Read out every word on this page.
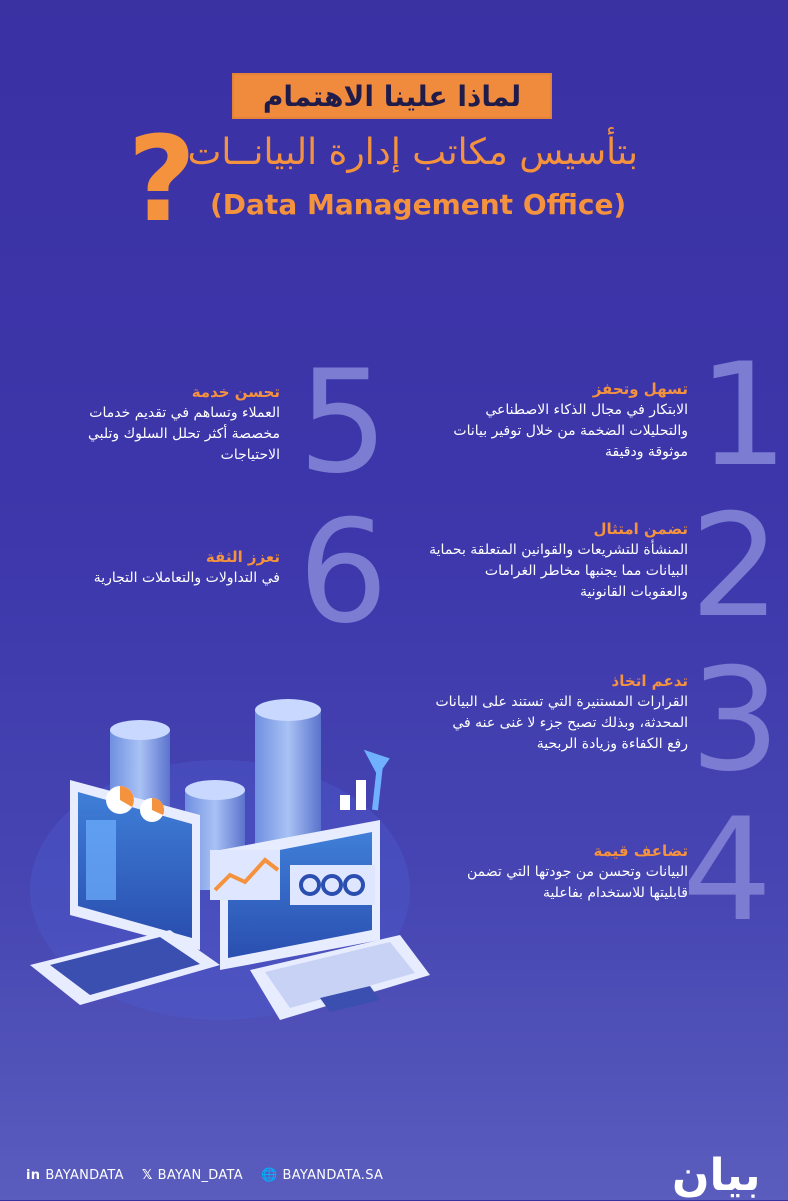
لماذا علينا الاهتمام
؟
بتأسيس مكاتب إدارة البيانــات
(Data Management Office)
1
تسهل وتحفز
الابتكار في مجال الذكاء الاصطناعي والتحليلات الضخمة من خلال توفير بيانات موثوقة ودقيقة
2
تضمن امتثال
المنشأة للتشريعات والقوانين المتعلقة بحماية البيانات مما يجنبها مخاطر الغرامات والعقوبات القانونية
3
تدعم اتخاذ
القرارات المستنيرة التي تستند على البيانات المحدثة، وبذلك تصبح جزء لا غنى عنه في رفع الكفاءة وزيادة الربحية
4
تضاعف قيمة
البيانات وتحسن من جودتها التي تضمن قابليتها للاستخدام بفاعلية
5
تحسن خدمة
العملاء وتساهم في تقديم خدمات مخصصة أكثر تحلل السلوك وتلبي الاحتياجات
6
تعزز الثقة
في التداولات والتعاملات التجارية
in BAYANDATA 𝕏 BAYAN_DATA 🌐 BAYANDATA.SA	بيان
